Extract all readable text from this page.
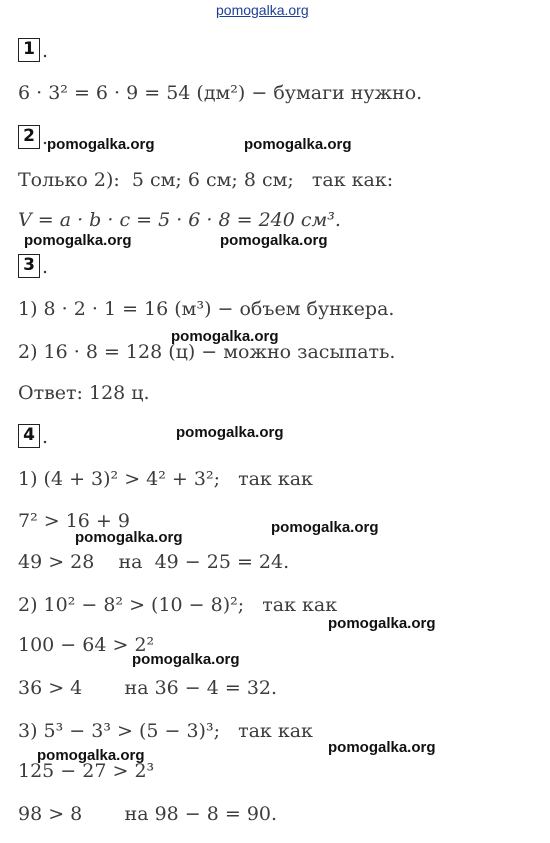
pomogalka.org
1 .
6 · 3² = 6 · 9 = 54 (дм²) − бумаги нужно.
2 .
pomogalka.org	pomogalka.org
Только 2):  5 см; 6 см; 8 см;   так как:
V = a · b · c = 5 · 6 · 8 = 240 см³.
pomogalka.org	pomogalka.org
3 .
1) 8 · 2 · 1 = 16 (м³) − объем бункера.
pomogalka.org
2) 16 · 8 = 128 (ц) − можно засыпать.
Ответ: 128 ц.
4 .	pomogalka.org
1) (4 + 3)² > 4² + 3²;   так как
7² > 16 + 9	pomogalka.org
pomogalka.org
49 > 28    на  49 − 25 = 24.
2) 10² − 8² > (10 − 8)²;   так как
pomogalka.org
100 − 64 > 2²
pomogalka.org
36 > 4       на 36 − 4 = 32.
3) 5³ − 3³ > (5 − 3)³;   так как
pomogalka.org
pomogalka.org
125 − 27 > 2³
98 > 8       на 98 − 8 = 90.
